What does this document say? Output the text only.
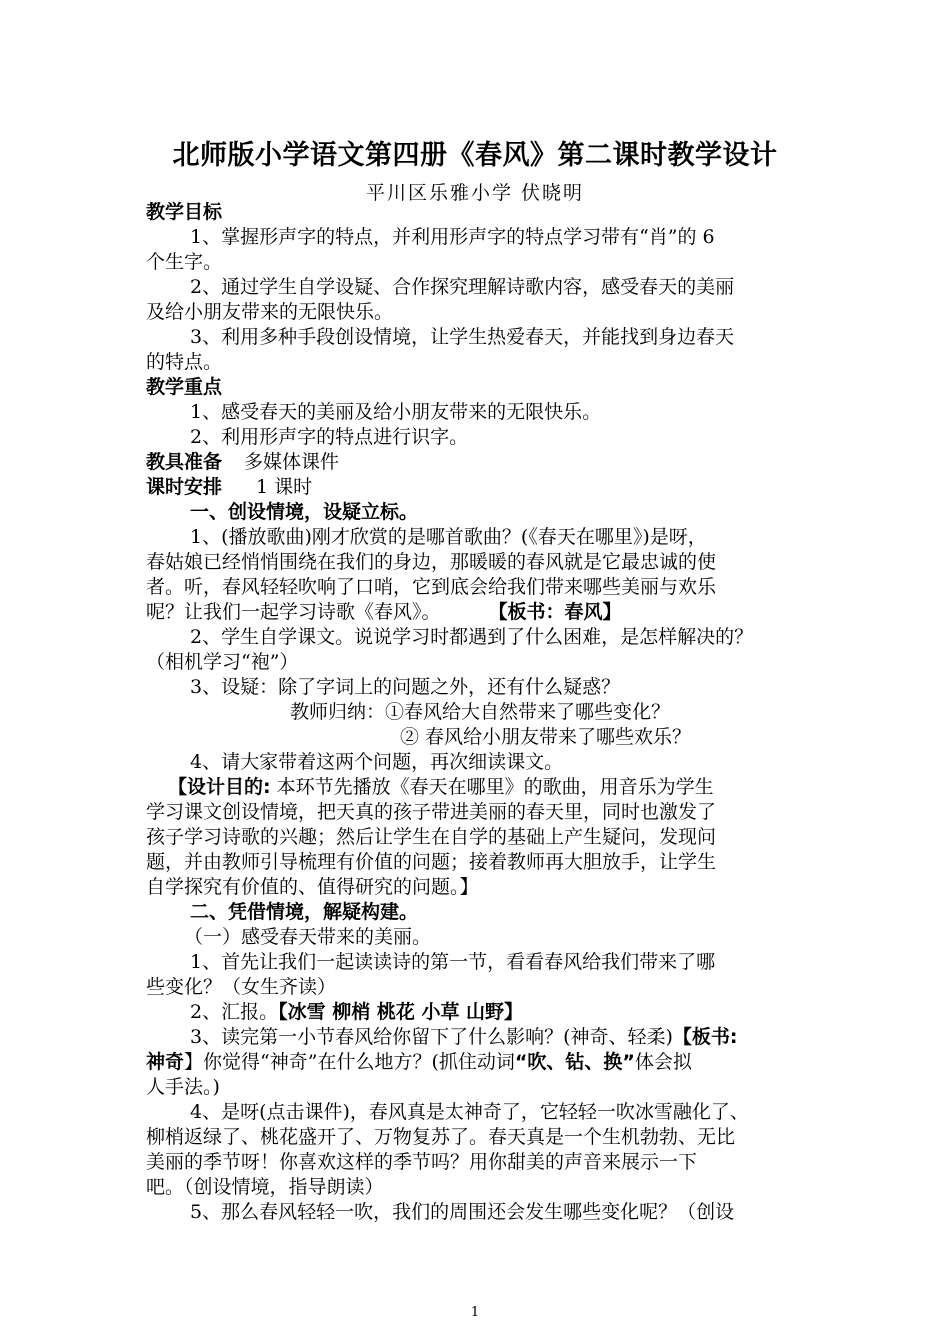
北师版小学语文第四册《春风》第二课时教学设计
平川区乐雅小学 伏晓明
教学目标
1、掌握形声字的特点，并利用形声字的特点学习带有“肖”的 6
个生字。
2、通过学生自学设疑、合作探究理解诗歌内容，感受春天的美丽
及给小朋友带来的无限快乐。
3、利用多种手段创设情境，让学生热爱春天，并能找到身边春天
的特点。
教学重点
1、感受春天的美丽及给小朋友带来的无限快乐。
2、利用形声字的特点进行识字。
教具准备 多媒体课件
课时安排 1 课时
一、创设情境，设疑立标。
1、(播放歌曲)刚才欣赏的是哪首歌曲？(《春天在哪里》)是呀，
春姑娘已经悄悄围绕在我们的身边，那暖暖的春风就是它最忠诚的使
者。听，春风轻轻吹响了口哨，它到底会给我们带来哪些美丽与欢乐
呢？让我们一起学习诗歌《春风》。	【板书：春风】
2、学生自学课文。说说学习时都遇到了什么困难，是怎样解决的？
（相机学习“袍”）
3、设疑：除了字词上的问题之外，还有什么疑惑？
教师归纳：①春风给大自然带来了哪些变化？
② 春风给小朋友带来了哪些欢乐？
4、请大家带着这两个问题，再次细读课文。
【设计目的: 本环节先播放《春天在哪里》的歌曲，用音乐为学生
学习课文创设情境，把天真的孩子带进美丽的春天里，同时也激发了
孩子学习诗歌的兴趣；然后让学生在自学的基础上产生疑问，发现问
题，并由教师引导梳理有价值的问题；接着教师再大胆放手，让学生
自学探究有价值的、值得研究的问题。】
二、凭借情境，解疑构建。
（一）感受春天带来的美丽。
1、首先让我们一起读读诗的第一节，看看春风给我们带来了哪
些变化？（女生齐读）
2、汇报。【冰雪 柳梢 桃花 小草 山野】
3、读完第一小节春风给你留下了什么影响？(神奇、轻柔)【板书:
神奇】你觉得“神奇”在什么地方？(抓住动词“吹、钻、换”体会拟
人手法。)
4、是呀(点击课件)，春风真是太神奇了，它轻轻一吹冰雪融化了、
柳梢返绿了、桃花盛开了、万物复苏了。春天真是一个生机勃勃、无比
美丽的季节呀！你喜欢这样的季节吗？用你甜美的声音来展示一下
吧。（创设情境，指导朗读）
5、那么春风轻轻一吹，我们的周围还会发生哪些变化呢？（创设
1
